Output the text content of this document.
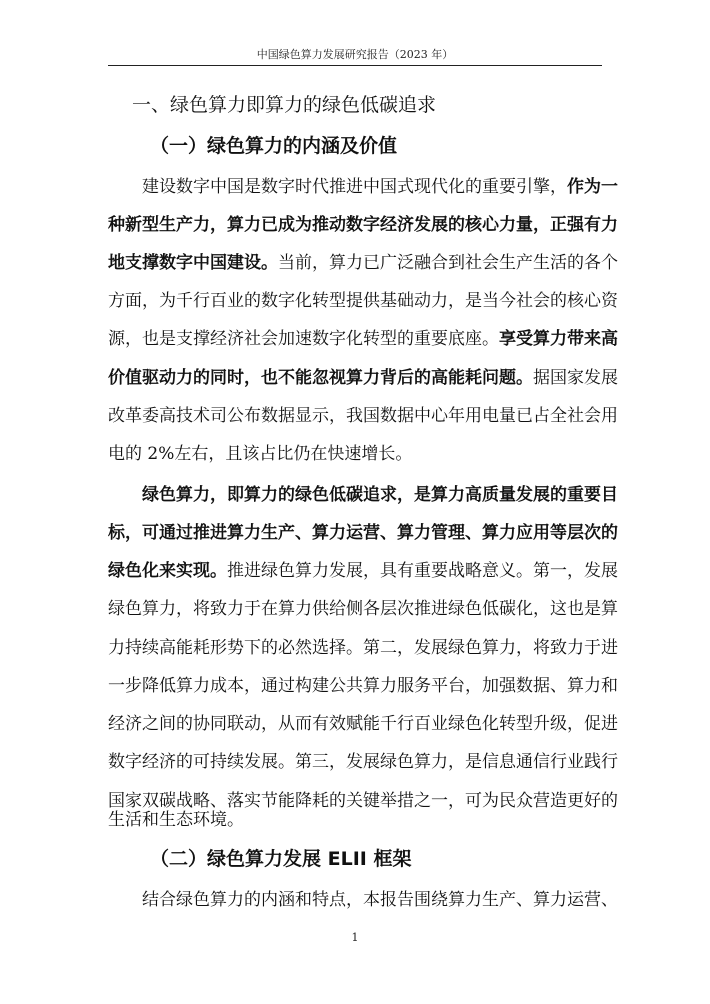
中国绿色算力发展研究报告（2023 年）
一、绿色算力即算力的绿色低碳追求
（一）绿色算力的内涵及价值
建设数字中国是数字时代推进中国式现代化的重要引擎，作为一
种新型生产力，算力已成为推动数字经济发展的核心力量，正强有力
地支撑数字中国建设。当前，算力已广泛融合到社会生产生活的各个
方面，为千行百业的数字化转型提供基础动力，是当今社会的核心资
源，也是支撑经济社会加速数字化转型的重要底座。享受算力带来高
价值驱动力的同时，也不能忽视算力背后的高能耗问题。据国家发展
改革委高技术司公布数据显示，我国数据中心年用电量已占全社会用
电的 2%左右，且该占比仍在快速增长。
绿色算力，即算力的绿色低碳追求，是算力高质量发展的重要目
标，可通过推进算力生产、算力运营、算力管理、算力应用等层次的
绿色化来实现。推进绿色算力发展，具有重要战略意义。第一，发展
绿色算力，将致力于在算力供给侧各层次推进绿色低碳化，这也是算
力持续高能耗形势下的必然选择。第二，发展绿色算力，将致力于进
一步降低算力成本，通过构建公共算力服务平台，加强数据、算力和
经济之间的协同联动，从而有效赋能千行百业绿色化转型升级，促进
数字经济的可持续发展。第三，发展绿色算力，是信息通信行业践行
国家双碳战略、落实节能降耗的关键举措之一，可为民众营造更好的
（二）绿色算力发展 ELII 框架
结合绿色算力的内涵和特点，本报告围绕算力生产、算力运营、
1
生活和生态环境。
